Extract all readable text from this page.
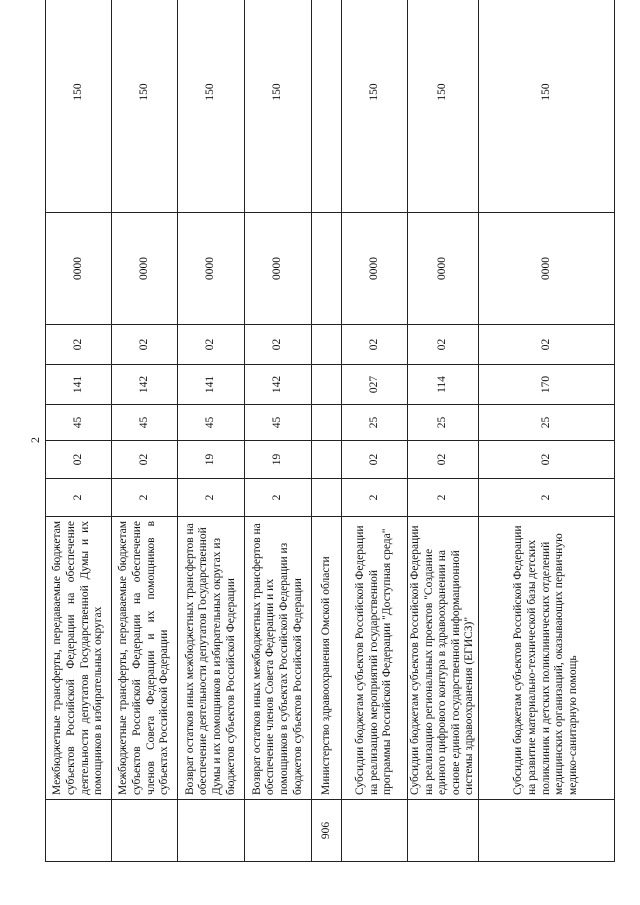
2
	Межбюджетные трансферты, передаваемые бюджетам субъектов Российской Федерации на обеспечение деятельности депутатов Государственной Думы и их помощников в избирательных округах	2	02	45	141	02	0000	150
	Межбюджетные трансферты, передаваемые бюджетам субъектов Российской Федерации на обеспечение членов Совета Федерации и их помощников в субъектах Российской Федерации	2	02	45	142	02	0000	150
	Возврат остатков иных межбюджетных трансфертов на обеспечение деятельности депутатов Государственной Думы и их помощников в избирательных округах из бюджетов субъектов Российской Федерации	2	19	45	141	02	0000	150
	Возврат остатков иных межбюджетных трансфертов на обеспечение членов Совета Федерации и их помощников в субъектах Российской Федерации из бюджетов субъектов Российской Федерации	2	19	45	142	02	0000	150
906	Министерство здравоохранения Омской области							
	Субсидии бюджетам субъектов Российской Федерации на реализацию мероприятий государственной программы Российской Федерации "Доступная среда"	2	02	25	027	02	0000	150
	Субсидии бюджетам субъектов Российской Федерации на реализацию региональных проектов "Создание единого цифрового контура в здравоохранении на основе единой государственной информационной системы здравоохранения (ЕГИСЗ)"	2	02	25	114	02	0000	150
	Субсидии бюджетам субъектов Российской Федерации на развитие материально-технической базы детских поликлиник и детских поликлинических отделений медицинских организаций, оказывающих первичную медико-санитарную помощь	2	02	25	170	02	0000	150
